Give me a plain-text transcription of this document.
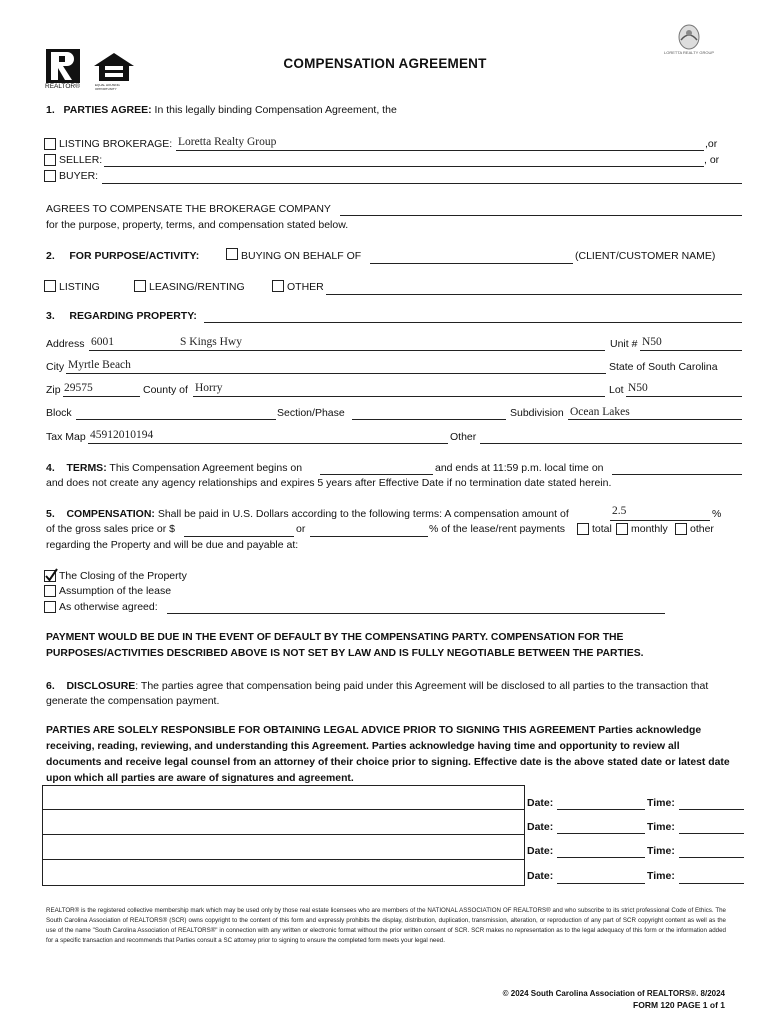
REALTOR®	EQUAL HOUSING OPPORTUNITY
LORETTA REALTY GROUP
COMPENSATION AGREEMENT
1. PARTIES AGREE: In this legally binding Compensation Agreement, the
LISTING BROKERAGE: Loretta Realty Group	,or
SELLER:	, or
BUYER:
AGREES TO COMPENSATE THE BROKERAGE COMPANY
for the purpose, property, terms, and compensation stated below.
2. FOR PURPOSE/ACTIVITY:	BUYING ON BEHALF OF	(CLIENT/CUSTOMER NAME)
LISTING	LEASING/RENTING	OTHER
3. REGARDING PROPERTY:
Address 6001	S Kings Hwy	Unit # N50
City Myrtle Beach	State of South Carolina
Zip 29575	County of Horry	Lot N50
Block	Section/Phase	Subdivision Ocean Lakes
Tax Map 45912010194	Other
4. TERMS: This Compensation Agreement begins on	and ends at 11:59 p.m. local time on
and does not create any agency relationships and expires 5 years after Effective Date if no termination date stated herein.
5. COMPENSATION: Shall be paid in U.S. Dollars according to the following terms: A compensation amount of	2.5	%
of the gross sales price or $	or	% of the lease/rent payments	total monthly other
regarding the Property and will be due and payable at:
The Closing of the Property
Assumption of the lease
As otherwise agreed:
PAYMENT WOULD BE DUE IN THE EVENT OF DEFAULT BY THE COMPENSATING PARTY. COMPENSATION FOR THE PURPOSES/ACTIVITIES DESCRIBED ABOVE IS NOT SET BY LAW AND IS FULLY NEGOTIABLE BETWEEN THE PARTIES.
6. DISCLOSURE: The parties agree that compensation being paid under this Agreement will be disclosed to all parties to the transaction that generate the compensation payment.
PARTIES ARE SOLELY RESPONSIBLE FOR OBTAINING LEGAL ADVICE PRIOR TO SIGNING THIS AGREEMENT Parties acknowledge receiving, reading, reviewing, and understanding this Agreement. Parties acknowledge having time and opportunity to review all documents and receive legal counsel from an attorney of their choice prior to signing. Effective date is the above stated date or latest date upon which all parties are aware of signatures and agreement.
Date:	Time:
Date:	Time:
Date:	Time:
Date:	Time:
REALTOR® is the registered collective membership mark which may be used only by those real estate licensees who are members of the NATIONAL ASSOCIATION OF REALTORS® and who subscribe to its strict professional Code of Ethics. The South Carolina Association of REALTORS® (SCR) owns copyright to the content of this form and expressly prohibits the display, distribution, duplication, transmission, alteration, or reproduction of any part of SCR copyright content as well as the use of the name "South Carolina Association of REALTORS®" in connection with any written or electronic format without the prior written consent of SCR. SCR makes no representation as to the legal adequacy of this form or the information added for a specific transaction and recommends that Parties consult a SC attorney prior to signing to ensure the completed form meets your legal need.
© 2024 South Carolina Association of REALTORS®. 8/2024
FORM 120 PAGE 1 of 1
